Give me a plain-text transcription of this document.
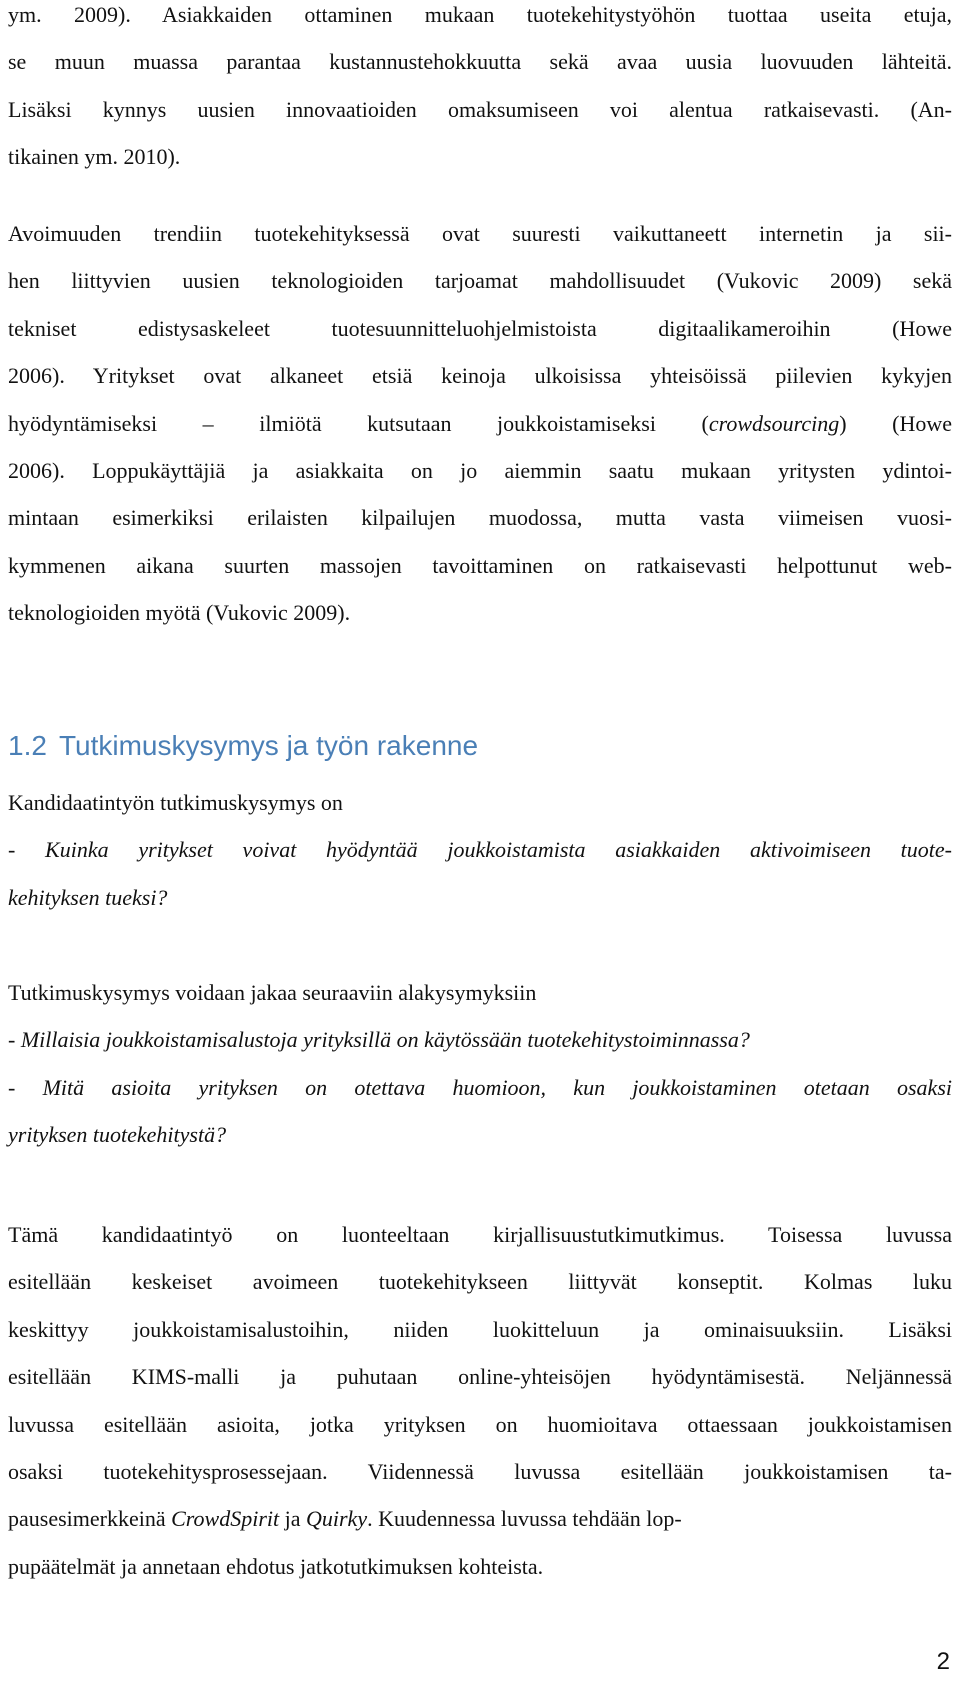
ym. 2009). Asiakkaiden ottaminen mukaan tuotekehitystyöhön tuottaa useita etuja,
se muun muassa parantaa kustannustehokkuutta sekä avaa uusia luovuuden lähteitä.
Lisäksi kynnys uusien innovaatioiden omaksumiseen voi alentua ratkaisevasti. (An-
tikainen ym. 2010).
Avoimuuden trendiin tuotekehityksessä ovat suuresti vaikuttaneett internetin ja sii-
hen liittyvien uusien teknologioiden tarjoamat mahdollisuudet (Vukovic 2009) sekä
tekniset edistysaskeleet tuotesuunnitteluohjelmistoista digitaalikameroihin (Howe
2006). Yritykset ovat alkaneet etsiä keinoja ulkoisissa yhteisöissä piilevien kykyjen
hyödyntämiseksi – ilmiötä kutsutaan joukkoistamiseksi (crowdsourcing) (Howe
2006). Loppukäyttäjiä ja asiakkaita on jo aiemmin saatu mukaan yritysten ydintoi-
mintaan esimerkiksi erilaisten kilpailujen muodossa, mutta vasta viimeisen vuosi-
kymmenen aikana suurten massojen tavoittaminen on ratkaisevasti helpottunut web-
teknologioiden myötä (Vukovic 2009).
1.2 Tutkimuskysymys ja työn rakenne
Kandidaatintyön tutkimuskysymys on
- Kuinka yritykset voivat hyödyntää joukkoistamista asiakkaiden aktivoimiseen tuote-
kehityksen tueksi?
Tutkimuskysymys voidaan jakaa seuraaviin alakysymyksiin
- Millaisia joukkoistamisalustoja yrityksillä on käytössään tuotekehitystoiminnassa?
- Mitä asioita yrityksen on otettava huomioon, kun joukkoistaminen otetaan osaksi
yrityksen tuotekehitystä?
Tämä kandidaatintyö on luonteeltaan kirjallisuustutkimutkimus. Toisessa luvussa
esitellään keskeiset avoimeen tuotekehitykseen liittyvät konseptit. Kolmas luku
keskittyy joukkoistamisalustoihin, niiden luokitteluun ja ominaisuuksiin. Lisäksi
esitellään KIMS-malli ja puhutaan online-yhteisöjen hyödyntämisestä. Neljännessä
luvussa esitellään asioita, jotka yrityksen on huomioitava ottaessaan joukkoistamisen
osaksi tuotekehitysprosessejaan. Viidennessä luvussa esitellään joukkoistamisen ta-
pausesimerkkeinä CrowdSpirit ja Quirky. Kuudennessa luvussa tehdään lop-
pupäätelmät ja annetaan ehdotus jatkotutkimuksen kohteista.
2
